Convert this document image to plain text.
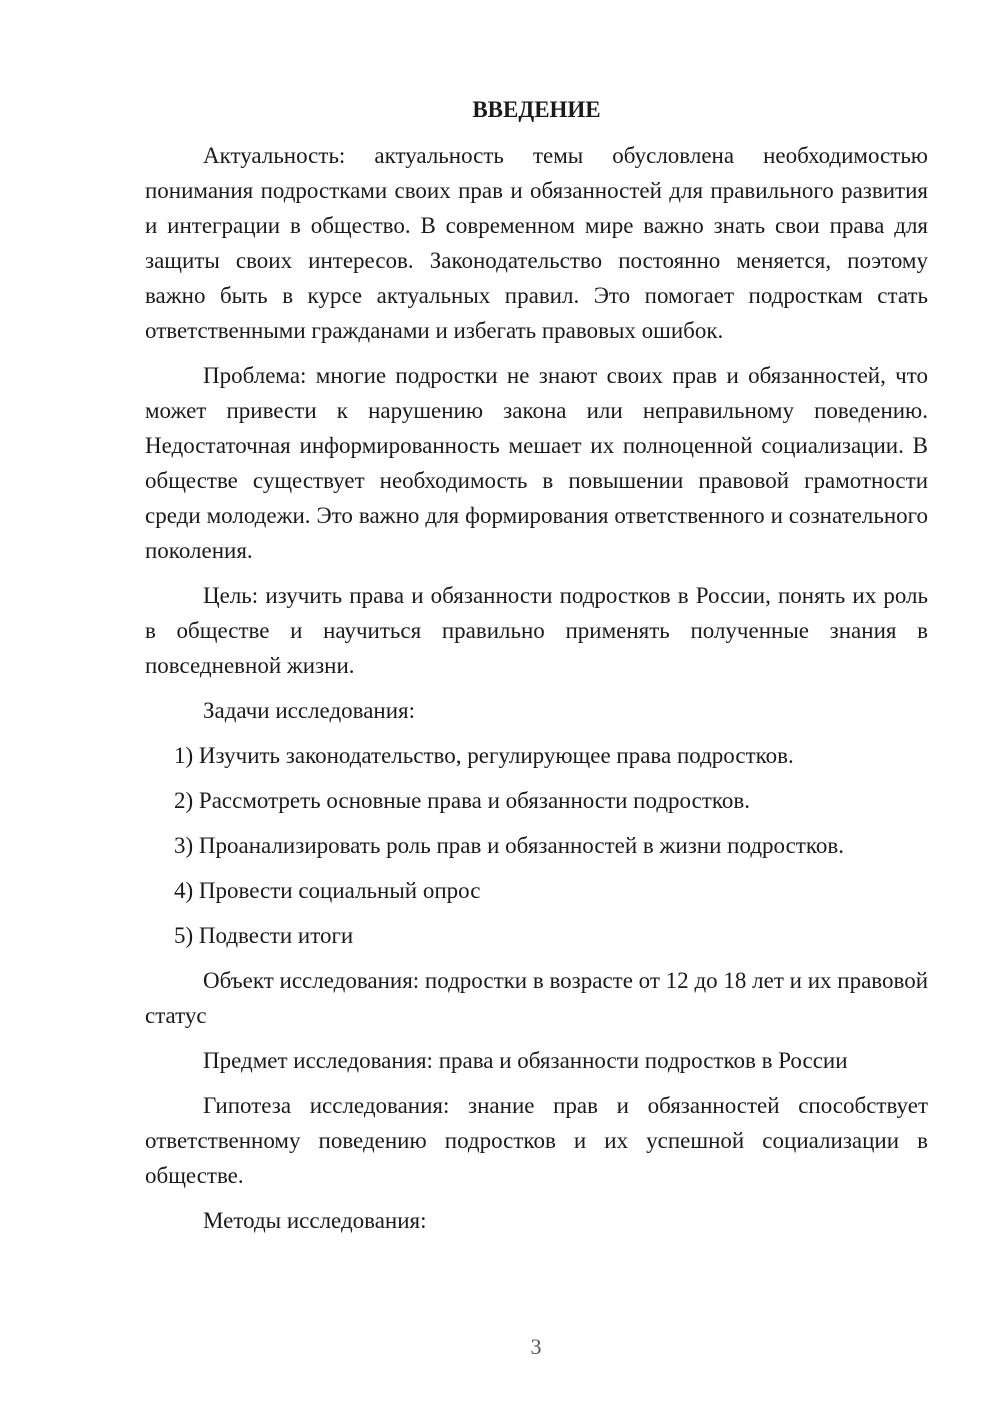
ВВЕДЕНИЕ

Актуальность: актуальность темы обусловлена необходимостью понимания подростками своих прав и обязанностей для правильного развития и интеграции в общество. В современном мире важно знать свои права для защиты своих интересов. Законодательство постоянно меняется, поэтому важно быть в курсе актуальных правил. Это помогает подросткам стать ответственными гражданами и избегать правовых ошибок.

Проблема: многие подростки не знают своих прав и обязанностей, что может привести к нарушению закона или неправильному поведению. Недостаточная информированность мешает их полноценной социализации. В обществе существует необходимость в повышении правовой грамотности среди молодежи. Это важно для формирования ответственного и сознательного поколения.

Цель: изучить права и обязанности подростков в России, понять их роль в обществе и научиться правильно применять полученные знания в повседневной жизни.

Задачи исследования:
1) Изучить законодательство, регулирующее права подростков.
2) Рассмотреть основные права и обязанности подростков.
3) Проанализировать роль прав и обязанностей в жизни подростков.
4) Провести социальный опрос
5) Подвести итоги

Объект исследования: подростки в возрасте от 12 до 18 лет и их правовой статус

Предмет исследования: права и обязанности подростков в России

Гипотеза исследования: знание прав и обязанностей способствует ответственному поведению подростков и их успешной социализации в обществе.

Методы исследования:
3
